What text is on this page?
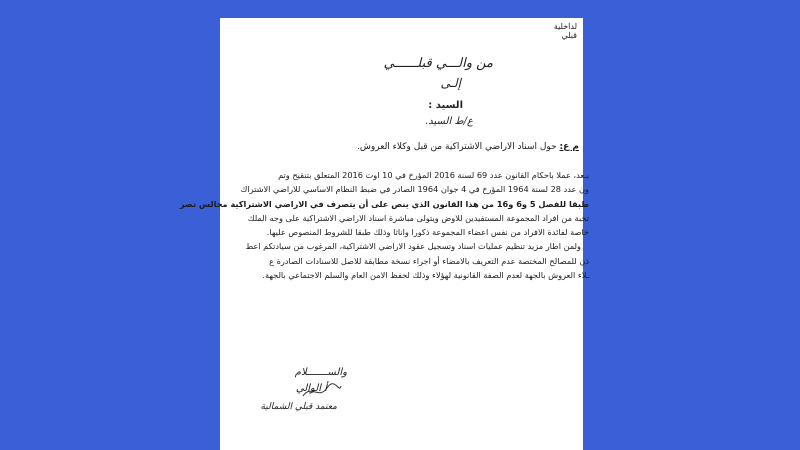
لداخلية
قبلي
من والـــي قبلــــــي
إلـى
السيد :
ع/ط السيد.
م ع: حول اسناد الاراضي الاشتراكية من قبل وكلاء العروش.
بـعد، عملا باحكام القانون عدد 69 لسنة 2016 المؤرخ في 10 اوت 2016 المتعلق بتنقيح وتم
ون عدد 28 لسنة 1964 المؤرخ في 4 جوان 1964 الصادر في ضبط النظام الاساسي للاراضي الاشتراك
طبقا للفصل 5 و6 و16 من هذا القانون الذي ينص على أن يتصرف في الاراضي الاشتراكية مجالس تصر
تخبة من افراد المجموعة المستفيدين للاوض ويتولى مباشرة اسناد الاراضي الاشتراكية على وجه الملك
خاصة لفائدة الافراد من نفس اعضاء المجموعة ذكورا واناثا وذلك طبقا للشروط المنصوص عليها.
ولمن اطار مزيد تنظيم عمليات اسناد وتسجيل عقود الاراضي الاشتراكية، المرغوب من سيادتكم اعط
ذن للمصالح المختصة عدم التعريف بالامضاء أو اجراء نسخة مطابقة للاصل للاسنادات الصادرة ع
ـلاء العروش بالجهة لعدم الصفة القانونية لهؤلاء وذلك لحفظ الامن العام والسلم الاجتماعي بالجهة.
والســـــــلام
أ الوالي
معتمد قبلي الشمالية
